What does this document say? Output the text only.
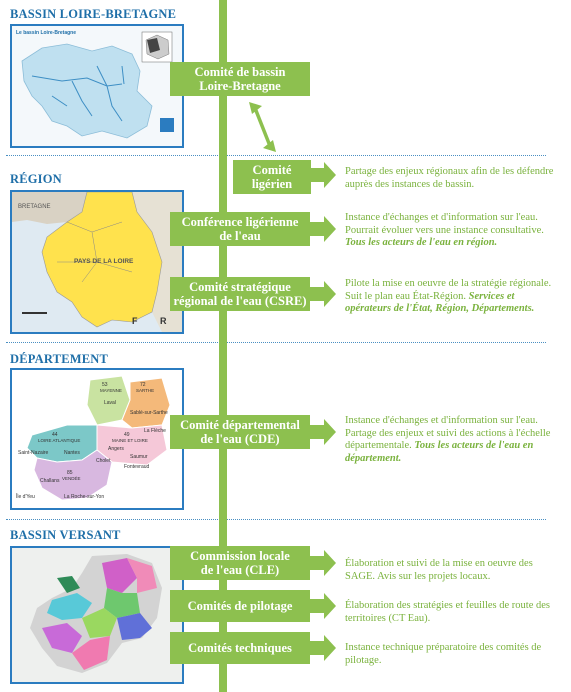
BASSIN LOIRE-BRETAGNE
RÉGION
DÉPARTEMENT
BASSIN VERSANT
Le bassin Loire-Bretagne
BRETAGNE
PAYS DE LA LOIRE
F	R
53	72
49
44
85
MAYENNE	SARTHE
MAINE ET LOIRE
LOIRE ATLANTIQUE
VENDÉE
Laval
Sablé-sur-Sarthe
La Flèche
Saumur
Angers
Nantes
Cholet
Saint-Nazaire
Fontevraud
Challans
La Roche-sur-Yon
Île d'Yeu
Comité de bassin
Loire-Bretagne
Comité
ligérien
Conférence ligérienne
de l'eau
Comité stratégique
régional de l'eau (CSRE)
Comité départemental
de l'eau (CDE)
Commission locale
de l'eau (CLE)
Comités de pilotage
Comités techniques
Partage des enjeux régionaux afin de les défendre auprès des instances de bassin.
Instance d'échanges et d'information sur l'eau. Pourrait évoluer vers une instance consultative. Tous les acteurs de l'eau en région.
Pilote la mise en oeuvre de la stratégie régionale. Suit le plan eau État-Région. Services et opérateurs de l'État, Région, Départements.
Instance d'échanges et d'information sur l'eau. Partage des enjeux et suivi des actions à l'échelle départementale. Tous les acteurs de l'eau en département.
Élaboration et suivi de la mise en oeuvre des SAGE. Avis sur les projets locaux.
Élaboration des stratégies et feuilles de route des territoires (CT Eau).
Instance technique préparatoire des comités de pilotage.
